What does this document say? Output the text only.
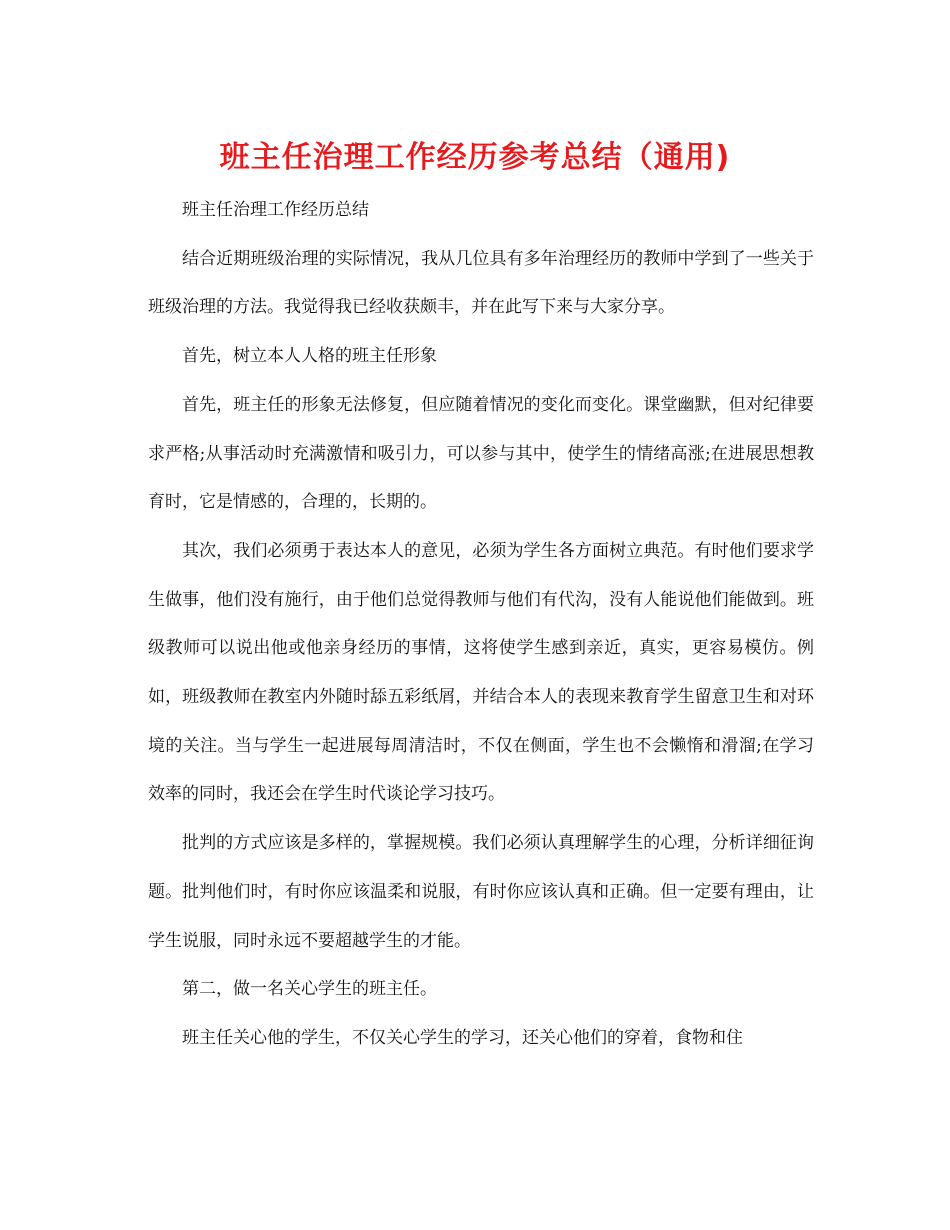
班主任治理工作经历参考总结（通用)

班主任治理工作经历总结

结合近期班级治理的实际情况，我从几位具有多年治理经历的教师中学到了一些关于班级治理的方法。我觉得我已经收获颇丰，并在此写下来与大家分享。

首先，树立本人人格的班主任形象

首先，班主任的形象无法修复，但应随着情况的变化而变化。课堂幽默，但对纪律要求严格;从事活动时充满激情和吸引力，可以参与其中，使学生的情绪高涨;在进展思想教育时，它是情感的，合理的，长期的。

其次，我们必须勇于表达本人的意见，必须为学生各方面树立典范。有时他们要求学生做事，他们没有施行，由于他们总觉得教师与他们有代沟，没有人能说他们能做到。班级教师可以说出他或他亲身经历的事情，这将使学生感到亲近，真实，更容易模仿。例如，班级教师在教室内外随时舔五彩纸屑，并结合本人的表现来教育学生留意卫生和对环境的关注。当与学生一起进展每周清洁时，不仅在侧面，学生也不会懒惰和滑溜;在学习效率的同时，我还会在学生时代谈论学习技巧。

批判的方式应该是多样的，掌握规模。我们必须认真理解学生的心理，分析详细征询题。批判他们时，有时你应该温柔和说服，有时你应该认真和正确。但一定要有理由，让学生说服，同时永远不要超越学生的才能。

第二，做一名关心学生的班主任。

班主任关心他的学生，不仅关心学生的学习，还关心他们的穿着，食物和住
